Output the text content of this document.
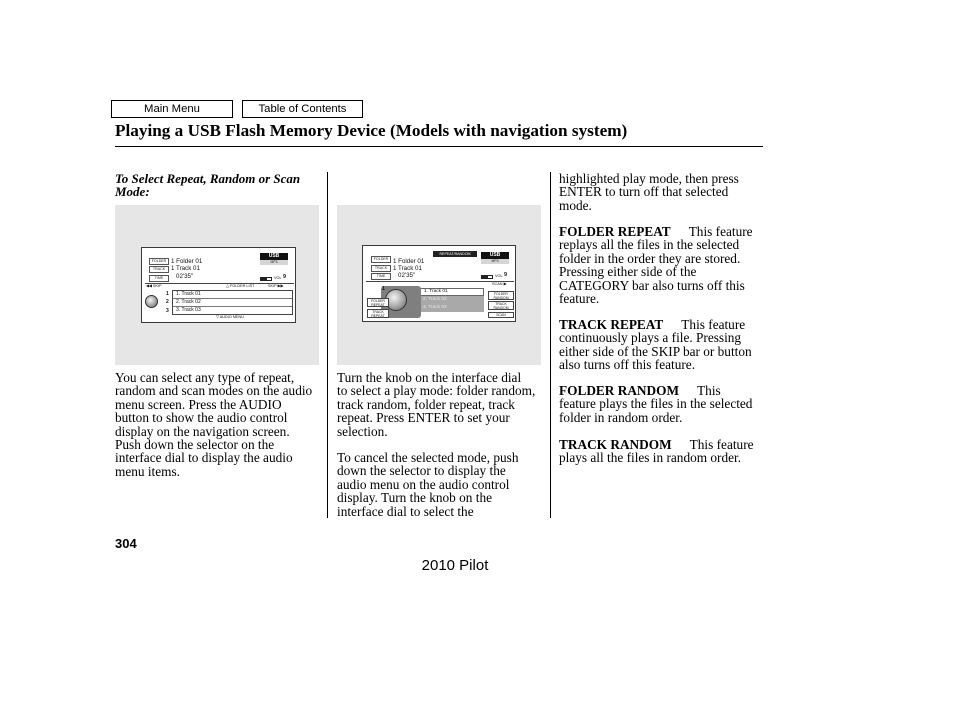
Main Menu	Table of Contents
Playing a USB Flash Memory Device (Models with navigation system)
To Select Repeat, Random or Scan
Mode:
FOLDER
TRACK
TIME
1 Folder 01
1 Track 01
02'35"
USB
MP3
VOL 9
◀◀ SKIP	△ FOLDER LIST	SKIP ▶▶
1
2
3
1. Track 01
2. Track 02
3. Track 03
▽ AUDIO MENU
You can select any type of repeat,
random and scan modes on the audio
menu screen. Press the AUDIO
button to show the audio control
display on the navigation screen.
Push down the selector on the
interface dial to display the audio
menu items.
REPEAT/RANDOM
FOLDER
TRACK
TIME
1 Folder 01
1 Track 01
02'35"
USB
MP3
VOL 9
SCAN ▶
1. Track 01
2. Track 02
3. Track 03
1
FOLDER
REPEAT
TRACK
REPEAT
FOLDER
RANDOM
TRACK
RANDOM
SCAN
Turn the knob on the interface dial
to select a play mode: folder random,
track random, folder repeat, track
repeat. Press ENTER to set your
selection.
To cancel the selected mode, push
down the selector to display the
audio menu on the audio control
display. Turn the knob on the
interface dial to select the
highlighted play mode, then press
ENTER to turn off that selected
mode.
FOLDER REPEAT This feature
replays all the files in the selected
folder in the order they are stored.
Pressing either side of the
CATEGORY bar also turns off this
feature.
TRACK REPEAT This feature
continuously plays a file. Pressing
either side of the SKIP bar or button
also turns off this feature.
FOLDER RANDOM This
feature plays the files in the selected
folder in random order.
TRACK RANDOM This feature
plays all the files in random order.
304
2010 Pilot
